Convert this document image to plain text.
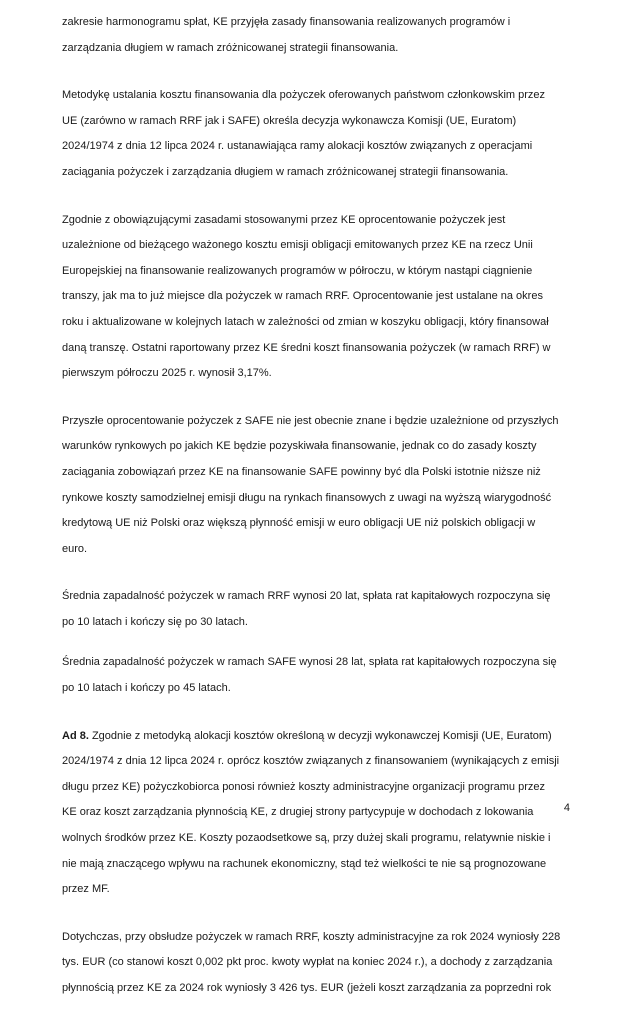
zakresie harmonogramu spłat, KE przyjęła zasady finansowania realizowanych programów i zarządzania długiem w ramach zróżnicowanej strategii finansowania.

Metodykę ustalania kosztu finansowania dla pożyczek oferowanych państwom członkowskim przez UE (zarówno w ramach RRF jak i SAFE) określa decyzja wykonawcza Komisji (UE, Euratom) 2024/1974 z dnia 12 lipca 2024 r. ustanawiająca ramy alokacji kosztów związanych z operacjami zaciągania pożyczek i zarządzania długiem w ramach zróżnicowanej strategii finansowania.

Zgodnie z obowiązującymi zasadami stosowanymi przez KE oprocentowanie pożyczek jest uzależnione od bieżącego ważonego kosztu emisji obligacji emitowanych przez KE na rzecz Unii Europejskiej na finansowanie realizowanych programów w półroczu, w którym nastąpi ciągnienie transzy, jak ma to już miejsce dla pożyczek w ramach RRF. Oprocentowanie jest ustalane na okres roku i aktualizowane w kolejnych latach w zależności od zmian w koszyku obligacji, który finansował daną transzę. Ostatni raportowany przez KE średni koszt finansowania pożyczek (w ramach RRF) w pierwszym półroczu 2025 r. wynosił 3,17%.

Przyszłe oprocentowanie pożyczek z SAFE nie jest obecnie znane i będzie uzależnione od przyszłych warunków rynkowych po jakich KE będzie pozyskiwała finansowanie, jednak co do zasady koszty zaciągania zobowiązań przez KE na finansowanie SAFE powinny być dla Polski istotnie niższe niż rynkowe koszty samodzielnej emisji długu na rynkach finansowych z uwagi na wyższą wiarygodność kredytową UE niż Polski oraz większą płynność emisji w euro obligacji UE niż polskich obligacji w euro.

Średnia zapadalność pożyczek w ramach RRF wynosi 20 lat, spłata rat kapitałowych rozpoczyna się po 10 latach i kończy się po 30 latach.

Średnia zapadalność pożyczek w ramach SAFE wynosi 28 lat, spłata rat kapitałowych rozpoczyna się po 10 latach i kończy po 45 latach.

Ad 8. Zgodnie z metodyką alokacji kosztów określoną w decyzji wykonawczej Komisji (UE, Euratom) 2024/1974 z dnia 12 lipca 2024 r. oprócz kosztów związanych z finansowaniem (wynikających z emisji długu przez KE) pożyczkobiorca ponosi również koszty administracyjne organizacji programu przez KE oraz koszt zarządzania płynnością KE, z drugiej strony partycypuje w dochodach z lokowania wolnych środków przez KE. Koszty pozaodsetkowe są, przy dużej skali programu, relatywnie niskie i nie mają znaczącego wpływu na rachunek ekonomiczny, stąd też wielkości te nie są prognozowane przez MF.

Dotychczas, przy obsłudze pożyczek w ramach RRF, koszty administracyjne za rok 2024 wyniosły 228 tys. EUR (co stanowi koszt 0,002 pkt proc. kwoty wypłat na koniec 2024 r.), a dochody z zarządzania płynnością przez KE za 2024 rok wyniosły 3 426 tys. EUR (jeżeli koszt zarządzania za poprzedni rok

4
